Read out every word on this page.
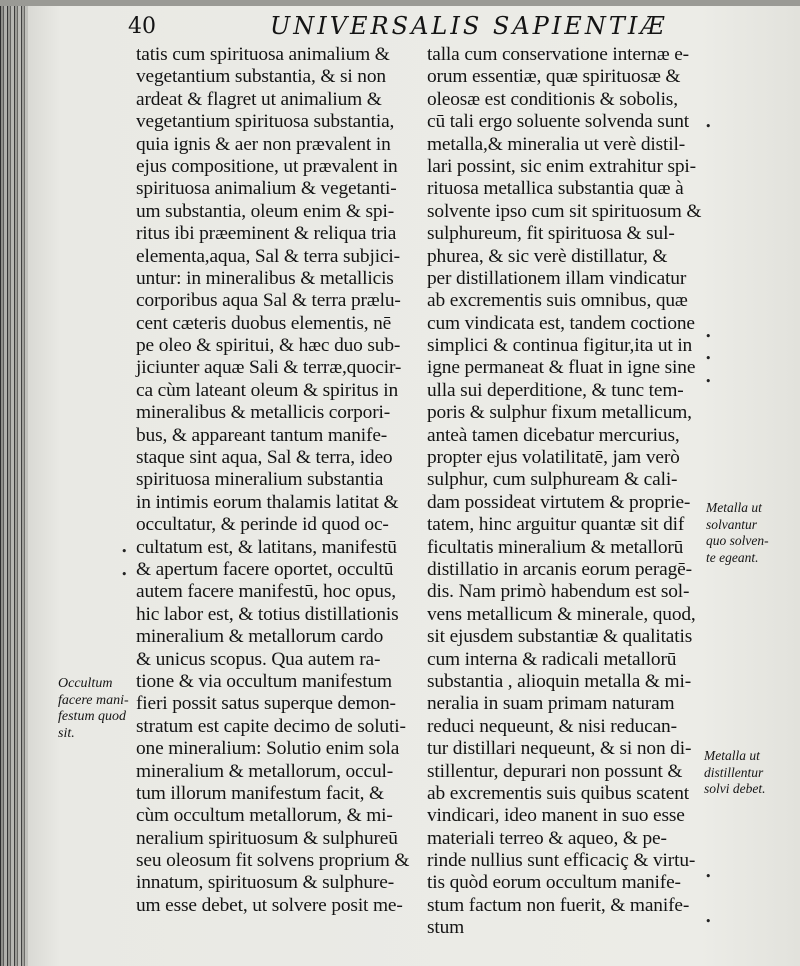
40	UNIVERSALIS SAPIENTIÆ
tatis cum spirituosa animalium &
vegetantium substantia, & si non
ardeat & flagret ut animalium &
vegetantium spirituosa substantia,
quia ignis & aer non prævalent in
ejus compositione, ut prævalent in
spirituosa animalium & vegetanti-
um substantia, oleum enim & spi-
ritus ibi præeminent & reliqua tria
elementa,aqua, Sal & terra subjici-
untur: in mineralibus & metallicis
corporibus aqua Sal & terra prælu-
cent cæteris duobus elementis, nē
pe oleo & spiritui, & hæc duo sub-
jiciunter aquæ Sali & terræ,quocir-
ca cùm lateant oleum & spiritus in
mineralibus & metallicis corpori-
bus, & appareant tantum manife-
staque sint aqua, Sal & terra, ideo
spirituosa mineralium substantia
in intimis eorum thalamis latitat &
occultatur, & perinde id quod oc-
cultatum est, & latitans, manifestū
& apertum facere oportet, occultū
autem facere manifestū, hoc opus,
hic labor est, & totius distillationis
mineralium & metallorum cardo
& unicus scopus. Qua autem ra-
tione & via occultum manifestum
fieri possit satus superque demon-
stratum est capite decimo de soluti-
one mineralium: Solutio enim sola
mineralium & metallorum, occul-
tum illorum manifestum facit, &
cùm occultum metallorum, & mi-
neralium spirituosum & sulphureū
seu oleosum fit solvens proprium &
innatum, spirituosum & sulphure-
um esse debet, ut solvere posit me-
talla cum conservatione internæ e-
orum essentiæ, quæ spirituosæ &
oleosæ est conditionis & sobolis,
cū tali ergo soluente solvenda sunt
metalla,& mineralia ut verè distil-
lari possint, sic enim extrahitur spi-
rituosa metallica substantia quæ à
solvente ipso cum sit spirituosum &
sulphureum, fit spirituosa & sul-
phurea, & sic verè distillatur, &
per distillationem illam vindicatur
ab excrementis suis omnibus, quæ
cum vindicata est, tandem coctione
simplici & continua figitur,ita ut in
igne permaneat & fluat in igne sine
ulla sui deperditione, & tunc tem-
poris & sulphur fixum metallicum,
anteà tamen dicebatur mercurius,
propter ejus volatilitatē, jam verò
sulphur, cum sulphuream & cali-
dam possideat virtutem & proprie-
tatem, hinc arguitur quantæ sit dif
ficultatis mineralium & metallorū
distillatio in arcanis eorum peragē-
dis. Nam primò habendum est sol-
vens metallicum & minerale, quod,
sit ejusdem substantiæ & qualitatis
cum interna & radicali metallorū
substantia , alioquin metalla & mi-
neralia in suam primam naturam
reduci nequeunt, & nisi reducan-
tur distillari nequeunt, & si non di-
stillentur, depurari non possunt &
ab excrementis suis quibus scatent
vindicari, ideo manent in suo esse
materiali terreo & aqueo, & pe-
rinde nullius sunt efficaciç & virtu-
tis quòd eorum occultum manife-
stum factum non fuerit, & manife-
stum
Occultum
facere mani-
festum quod
sit.
Metalla ut
solvantur
quo solven-
te egeant.
Metalla ut
distillentur
solvi debet.
•
•
•
•
•
•
•
•
